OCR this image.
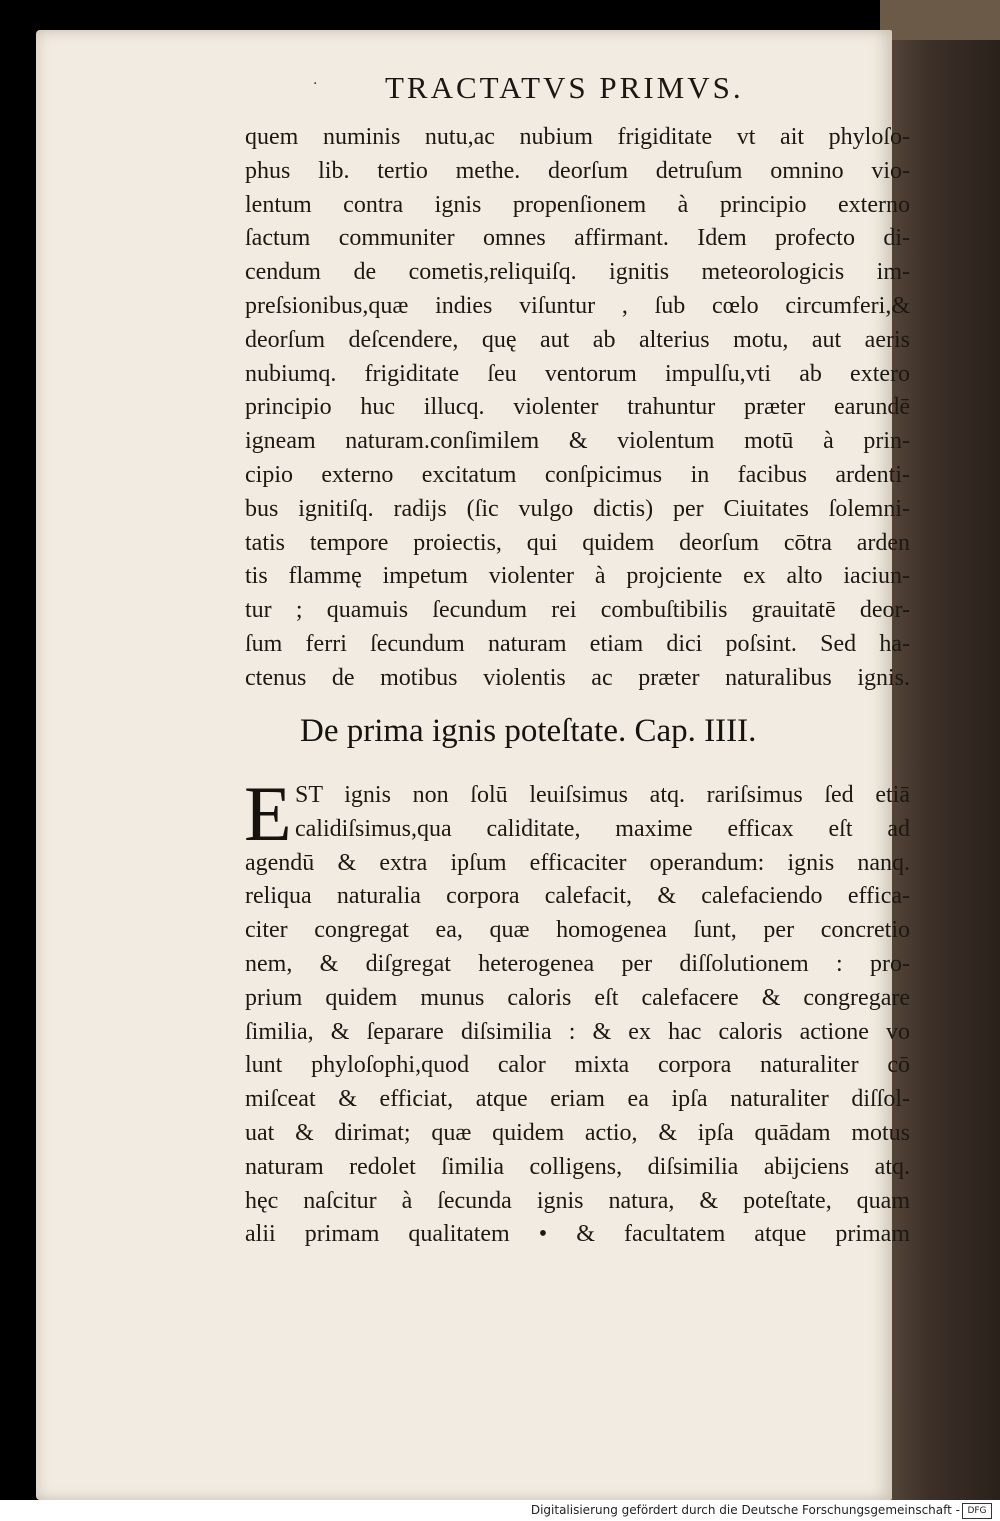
· TRACTATVS PRIMVS.
quem numinis nutu,ac nubium frigiditate vt ait phyloſo-
phus lib. tertio methe. deorſum detruſum omnino vio-
lentum contra ignis propenſionem à principio externo
ſactum communiter omnes affirmant. Idem profecto di-
cendum de cometis,reliquiſq. ignitis meteorologicis im-
preſsionibus,quæ indies viſuntur , ſub cœlo circumferi,&
deorſum deſcendere, quę aut ab alterius motu, aut aeris
nubiumq. frigiditate ſeu ventorum impulſu,vti ab extero
principio huc illucq. violenter trahuntur præter earundē
igneam naturam.conſimilem & violentum motū à prin-
cipio externo excitatum conſpicimus in facibus ardenti-
bus ignitiſq. radijs (ſic vulgo dictis) per Ciuitates ſolemni-
tatis tempore proiectis, qui quidem deorſum cōtra arden
tis flammę impetum violenter à projciente ex alto iaciun-
tur ; quamuis ſecundum rei combuſtibilis grauitatē deor-
ſum ferri ſecundum naturam etiam dici poſsint. Sed ha-
ctenus de motibus violentis ac præter naturalibus ignis.
De prima ignis poteſtate. Cap. IIII.
E ST ignis non ſolū leuiſsimus atq. rariſsimus ſed etiā
calidiſsimus,qua caliditate, maxime efficax eſt ad
agendū & extra ipſum efficaciter operandum: ignis nanq.
reliqua naturalia corpora calefacit, & calefaciendo effica-
citer congregat ea, quæ homogenea ſunt, per concretio
nem, & diſgregat heterogenea per diſſolutionem : pro-
prium quidem munus caloris eſt calefacere & congregare
ſimilia, & ſeparare diſsimilia : & ex hac caloris actione vo
lunt phyloſophi,quod calor mixta corpora naturaliter cō
miſceat & efficiat, atque eriam ea ipſa naturaliter diſſol-
uat & dirimat; quæ quidem actio, & ipſa quādam motus
naturam redolet ſimilia colligens, diſsimilia abijciens atq.
hęc naſcitur à ſecunda ignis natura, & poteſtate, quam
alii primam qualitatem • & facultatem atque primam
Digitalisierung gefördert durch die Deutsche Forschungsgemeinschaft - DFG
